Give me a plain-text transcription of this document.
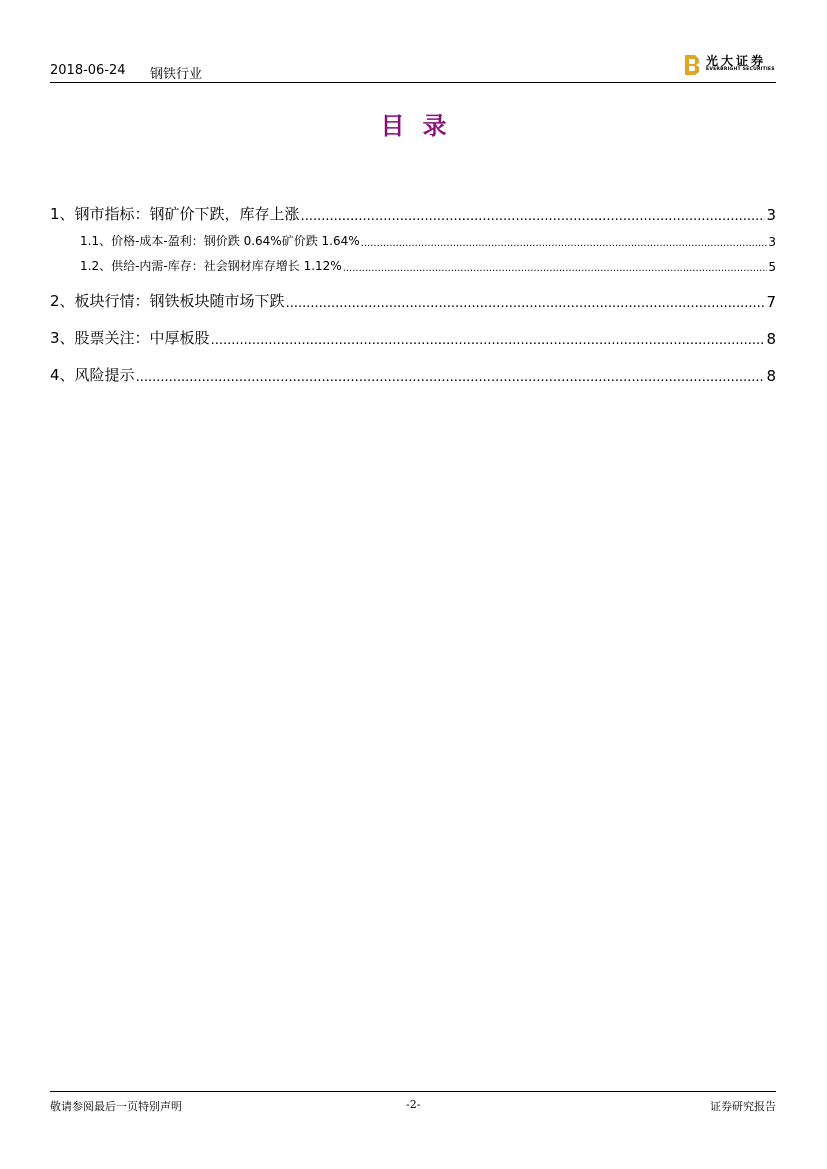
2018-06-24 钢铁行业
光大证券
EVERBRIGHT SECURITIES
目录
1、 钢市指标：钢矿价下跌，库存上涨 .....	3
1.1、 价格-成本-盈利：钢价跌 0.64%矿价跌 1.64% .....	3
1.2、 供给-内需-库存：社会钢材库存增长 1.12% .....	5
2、 板块行情：钢铁板块随市场下跌 .....	7
3、 股票关注：中厚板股 .....	8
4、 风险提示 .....	8
敬请参阅最后一页特别声明	-2-	证券研究报告
